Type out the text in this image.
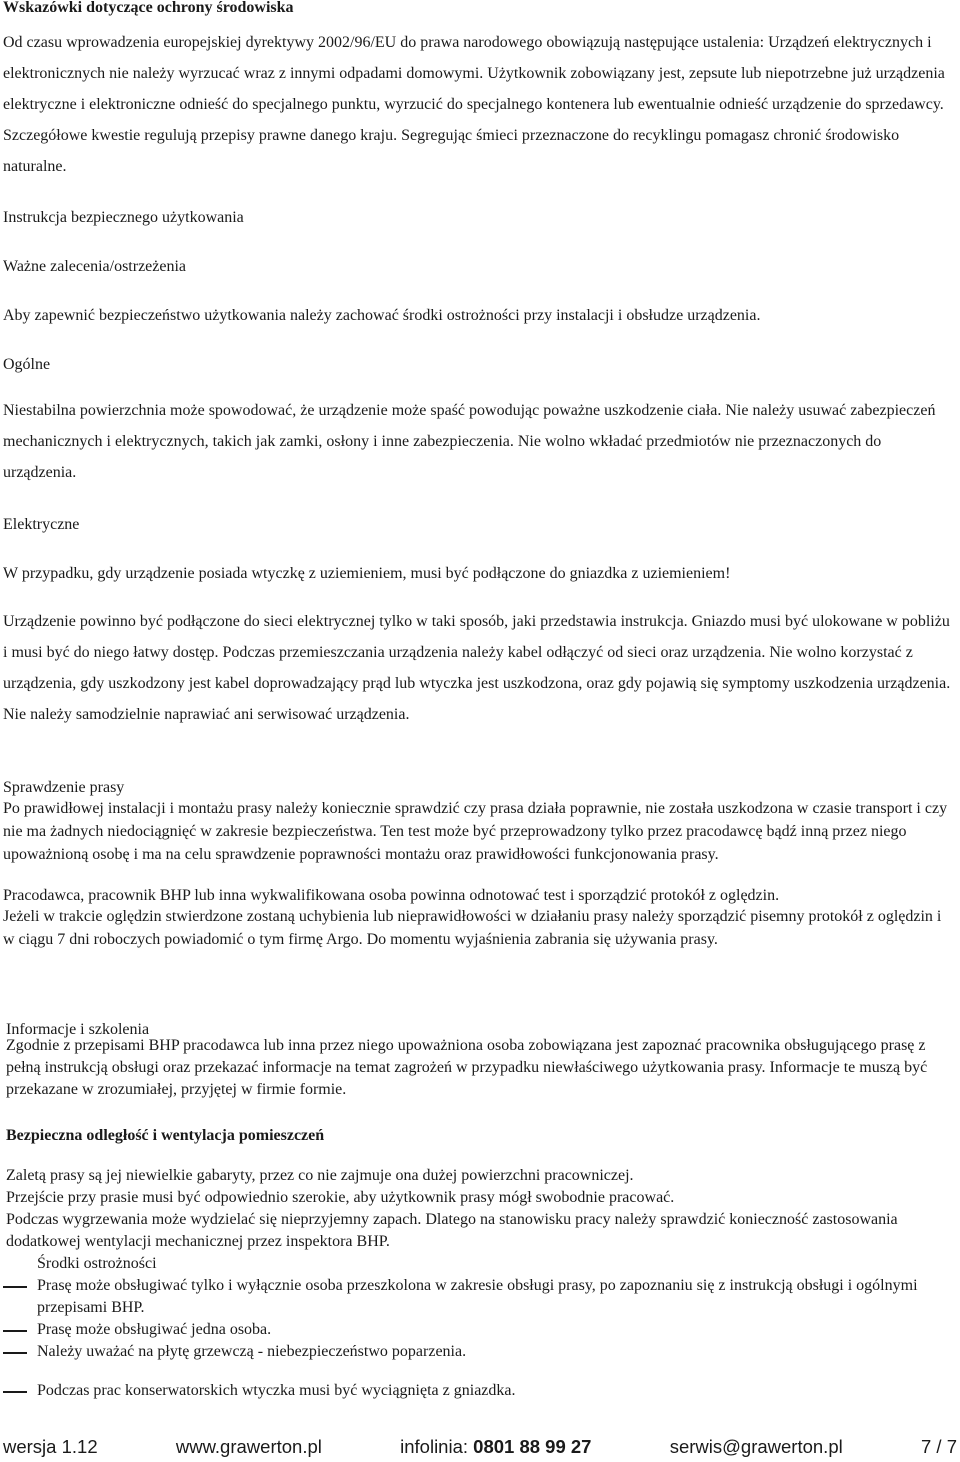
Wskazówki dotyczące ochrony środowiska

Od czasu wprowadzenia europejskiej dyrektywy 2002/96/EU do prawa narodowego obowiązują następujące ustalenia: Urządzeń elektrycznych i elektronicznych nie należy wyrzucać wraz z innymi odpadami domowymi. Użytkownik zobowiązany jest, zepsute lub niepotrzebne już urządzenia elektryczne i elektroniczne odnieść do specjalnego punktu, wyrzucić do specjalnego kontenera lub ewentualnie odnieść urządzenie do sprzedawcy. Szczegółowe kwestie regulują przepisy prawne danego kraju. Segregując śmieci przeznaczone do recyklingu pomagasz chronić środowisko naturalne.

Instrukcja bezpiecznego użytkowania
Ważne zalecenia/ostrzeżenia

Aby zapewnić bezpieczeństwo użytkowania należy zachować środki ostrożności przy instalacji i obsłudze urządzenia.

Ogólne

Niestabilna powierzchnia może spowodować, że urządzenie może spaść powodując poważne uszkodzenie ciała. Nie należy usuwać zabezpieczeń mechanicznych i elektrycznych, takich jak zamki, osłony i inne zabezpieczenia. Nie wolno wkładać przedmiotów nie przeznaczonych do urządzenia.

Elektryczne

W przypadku, gdy urządzenie posiada wtyczkę z uziemieniem, musi być podłączone do gniazdka z uziemieniem!

Urządzenie powinno być podłączone do sieci elektrycznej tylko w taki sposób, jaki przedstawia instrukcja. Gniazdo musi być ulokowane w pobliżu i musi być do niego łatwy dostęp. Podczas przemieszczania urządzenia należy kabel odłączyć od sieci oraz urządzenia. Nie wolno korzystać z urządzenia, gdy uszkodzony jest kabel doprowadzający prąd lub wtyczka jest uszkodzona, oraz gdy pojawią się symptomy uszkodzenia urządzenia. Nie należy samodzielnie naprawiać ani serwisować urządzenia.

Sprawdzenie prasy

Po prawidłowej instalacji i montażu prasy należy koniecznie sprawdzić czy prasa działa poprawnie, nie została uszkodzona w czasie transport i czy nie ma żadnych niedociągnięć w zakresie bezpieczeństwa. Ten test może być przeprowadzony tylko przez pracodawcę bądź inną przez niego upoważnioną osobę i ma na celu sprawdzenie poprawności montażu oraz prawidłowości funkcjonowania prasy.

Pracodawca, pracownik BHP lub inna wykwalifikowana osoba powinna odnotować test i sporządzić protokół z oględzin.

Jeżeli w trakcie oględzin stwierdzone zostaną uchybienia lub nieprawidłowości w działaniu prasy należy sporządzić pisemny protokół z oględzin i w ciągu 7 dni roboczych powiadomić o tym firmę Argo. Do momentu wyjaśnienia zabrania się używania prasy.

Informacje i szkolenia

Zgodnie z przepisami BHP pracodawca lub inna przez niego upoważniona osoba zobowiązana jest zapoznać pracownika obsługującego prasę z pełną instrukcją obsługi oraz przekazać informacje na temat zagrożeń w przypadku niewłaściwego użytkowania prasy. Informacje te muszą być przekazane w zrozumiałej, przyjętej w firmie formie.

Bezpieczna odległość i wentylacja pomieszczeń

Zaletą prasy są jej niewielkie gabaryty, przez co nie zajmuje ona dużej powierzchni pracowniczej.

Przejście przy prasie musi być odpowiednio szerokie, aby użytkownik prasy mógł swobodnie pracować.

Podczas wygrzewania może wydzielać się nieprzyjemny zapach. Dlatego na stanowisku pracy należy sprawdzić konieczność zastosowania dodatkowej wentylacji mechanicznej przez inspektora BHP.

Środki ostrożności
Prasę może obsługiwać tylko i wyłącznie osoba przeszkolona w zakresie obsługi prasy, po zapoznaniu się z instrukcją obsługi i ogólnymi przepisami BHP.
Prasę może obsługiwać jedna osoba.
Należy uważać na płytę grzewczą - niebezpieczeństwo poparzenia.
Podczas prac konserwatorskich wtyczka musi być wyciągnięta z gniazdka.
wersja 1.12	www.grawerton.pl	infolinia: 0801 88 99 27	serwis@grawerton.pl	7 / 7
